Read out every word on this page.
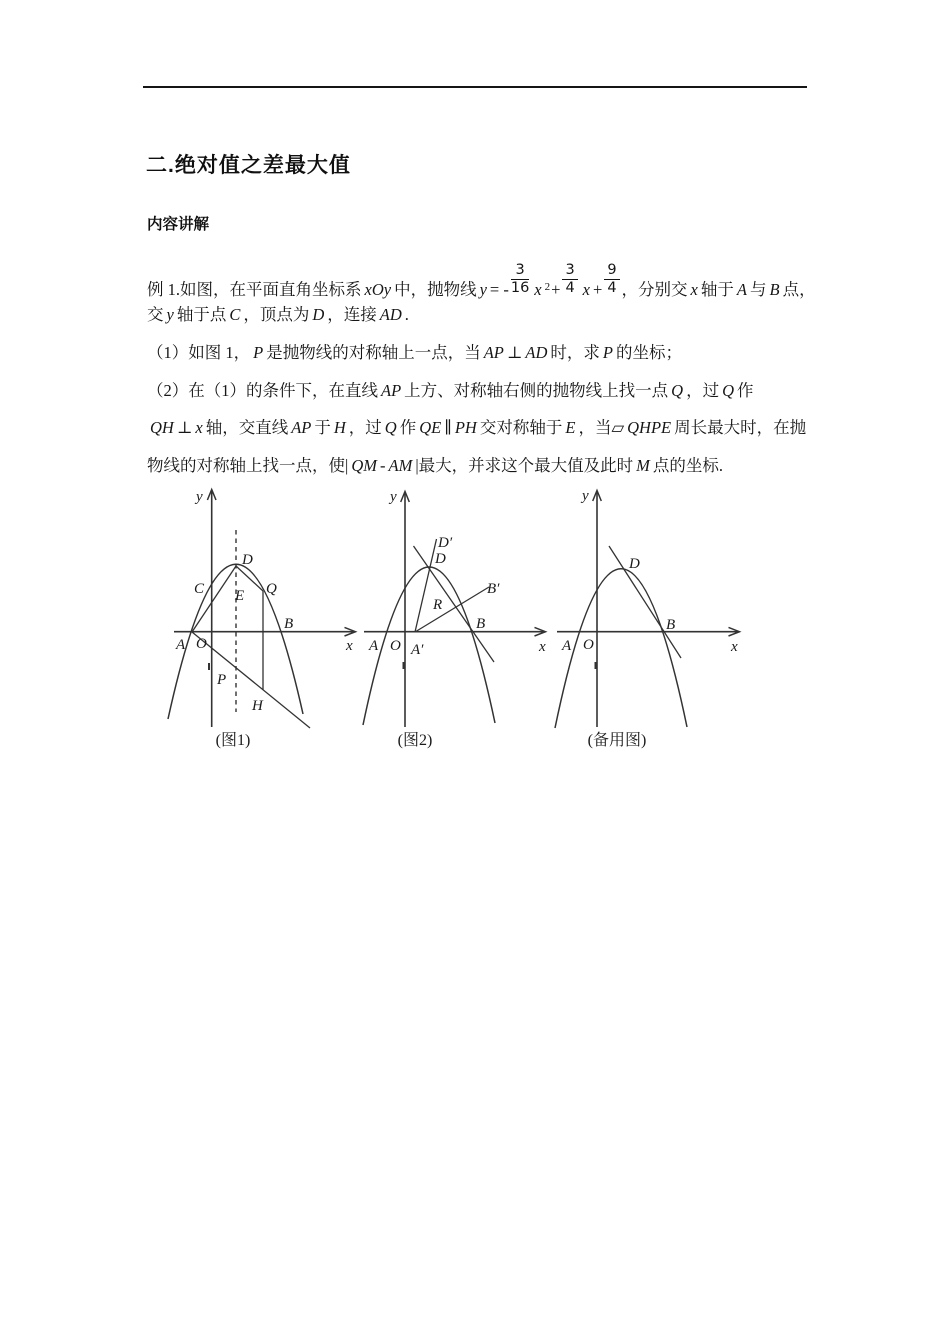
二.绝对值之差最大值
内容讲解
例 1.如图，在平面直角坐标系 xOy 中，抛物线 y = - $\frac{3}{16}$ x $^2+ \frac{3}{4}$ $x + \frac{9}{4}$ ，分别交 x 轴于 A 与 B 点，
交 y 轴于点 C ，顶点为 D ，连接 AD .
（1）如图 1， P 是抛物线的对称轴上一点，当 AP ⊥ AD 时，求 P 的坐标；
（2）在（1）的条件下，在直线 AP 上方、对称轴右侧的抛物线上找一点 Q ，过 Q 作
QH ⊥ x 轴，交直线 AP 于 H ，过 Q 作 QE ∥ PH 交对称轴于 E ，当▱ QHPE 周长最大时，在抛
物线的对称轴上找一点，使| QM - AM |最大，并求这个最大值及此时 M 点的坐标.
y
x
A O
C
D
E Q
B
P
H
(图1)
y
x
A O A′
D′
D
R
B′
B
(图2)
y
x
A O
D
B
(备用图)
